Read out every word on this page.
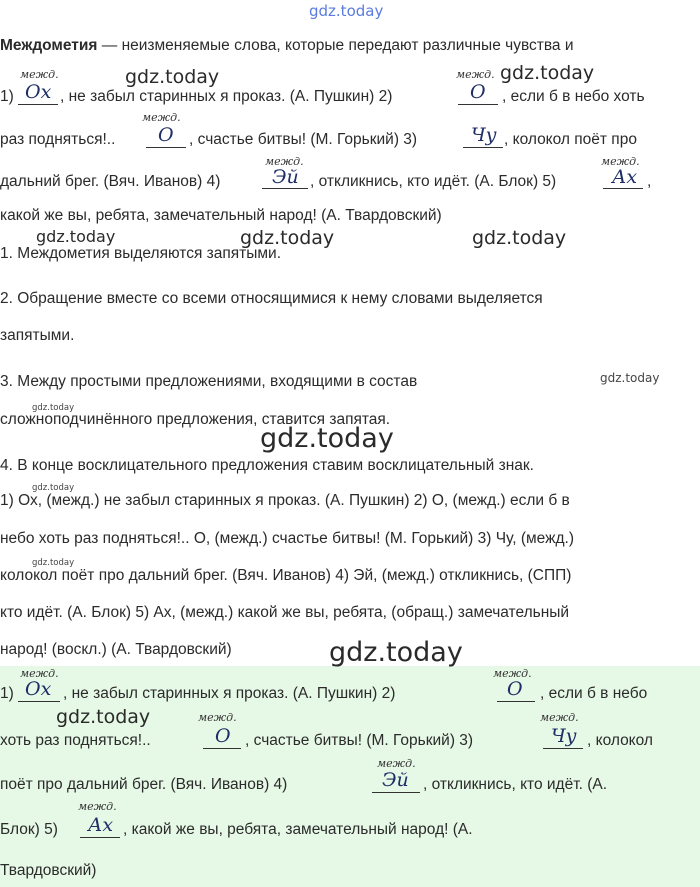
gdz.today
gdz.today	gdz.today
gdz.today	gdz.today	gdz.today
gdz.today
gdz.today
gdz.today
gdz.today
gdz.today
gdz.today
gdz.today
Междометия — неизменяемые слова, которые передают различные чувства и
межд.	межд.
1) Ох , не забыл старинных я проказ. (А. Пушкин) 2)	О , если б в небо хоть
межд.
раз подняться!.. О , счастье битвы! (М. Горький) 3)	Чу , колокол поёт про
межд.	межд.
дальний брег. (Вяч. Иванов) 4)	Эй , откликнись, кто идёт. (А. Блок) 5)	Ах ,
какой же вы, ребята, замечательный народ! (А. Твардовский)
1. Междометия выделяются запятыми.
2. Обращение вместе со всеми относящимися к нему словами выделяется
запятыми.
3. Между простыми предложениями, входящими в состав
сложноподчинённого предложения, ставится запятая.
4. В конце восклицательного предложения ставим восклицательный знак.
1) Ох, (межд.) не забыл старинных я проказ. (А. Пушкин) 2) О, (межд.) если б в
небо хоть раз подняться!.. О, (межд.) счастье битвы! (М. Горький) 3) Чу, (межд.)
колокол поёт про дальний брег. (Вяч. Иванов) 4) Эй, (межд.) откликнись, (СПП)
кто идёт. (А. Блок) 5) Ах, (межд.) какой же вы, ребята, (обращ.) замечательный
народ! (воскл.) (А. Твардовский)
межд.	межд.
1) Ох , не забыл старинных я проказ. (А. Пушкин) 2)	О , если б в небо
межд.	межд.
хоть раз подняться!..	О , счастье битвы! (М. Горький) 3)	Чу , колокол
межд.
поёт про дальний брег. (Вяч. Иванов) 4)	Эй , откликнись, кто идёт. (А.
межд.
Блок) 5) Ах , какой же вы, ребята, замечательный народ! (А.
Твардовский)
